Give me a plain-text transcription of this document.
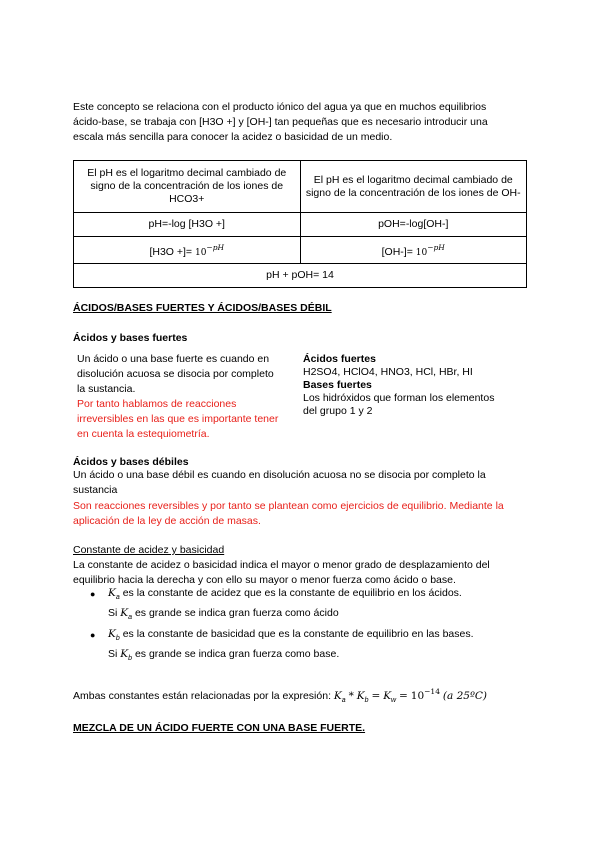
Este concepto se relaciona con el producto iónico del agua ya que en muchos equilibrios
ácido-base, se trabaja con [H3O +] y [OH-] tan pequeñas que es necesario introducir una
escala más sencilla para conocer la acidez o basicidad de un medio.
El pH es el logaritmo decimal cambiado de signo de la concentración de los iones de HCO3+	El pH es el logaritmo decimal cambiado de signo de la concentración de los iones de OH-
pH=-log [H3O +]	pOH=-log[OH-]
[H3O +]= $10^{-pH}$	$[OH-]= 10^{-pH}$
pH + pOH= 14	
ÁCIDOS/BASES FUERTES Y ÁCIDOS/BASES DÉBIL
Ácidos y bases fuertes
Un ácido o una base fuerte es cuando en
disolución acuosa se disocia por completo
la sustancia.
Por tanto hablamos de reacciones
irreversibles en las que es importante tener
en cuenta la estequiometría.
Ácidos fuertes
H2SO4, HClO4, HNO3, HCl, HBr, HI
Bases fuertes
Los hidróxidos que forman los elementos
del grupo 1 y 2
Ácidos y bases débiles
Un ácido o una base débil es cuando en disolución acuosa no se disocia por completo la
sustancia
Son reacciones reversibles y por tanto se plantean como ejercicios de equilibrio. Mediante la
aplicación de la ley de acción de masas.
Constante de acidez y basicidad
La constante de acidez o basicidad indica el mayor o menor grado de desplazamiento del
equilibrio hacia la derecha y con ello su mayor o menor fuerza como ácido o base.
● $K_a$ es la constante de acidez que es la constante de equilibrio en los ácidos.
Si $K_a$ es grande se indica gran fuerza como ácido
● $K_b$ es la constante de basicidad que es la constante de equilibrio en las bases.
Si $K_b$ es grande se indica gran fuerza como base.
Ambas constantes están relacionadas por la expresión: $K_a * K_b = K_w = 10^{-14}$ (a 25ºC)
MEZCLA DE UN ÁCIDO FUERTE CON UNA BASE FUERTE.
